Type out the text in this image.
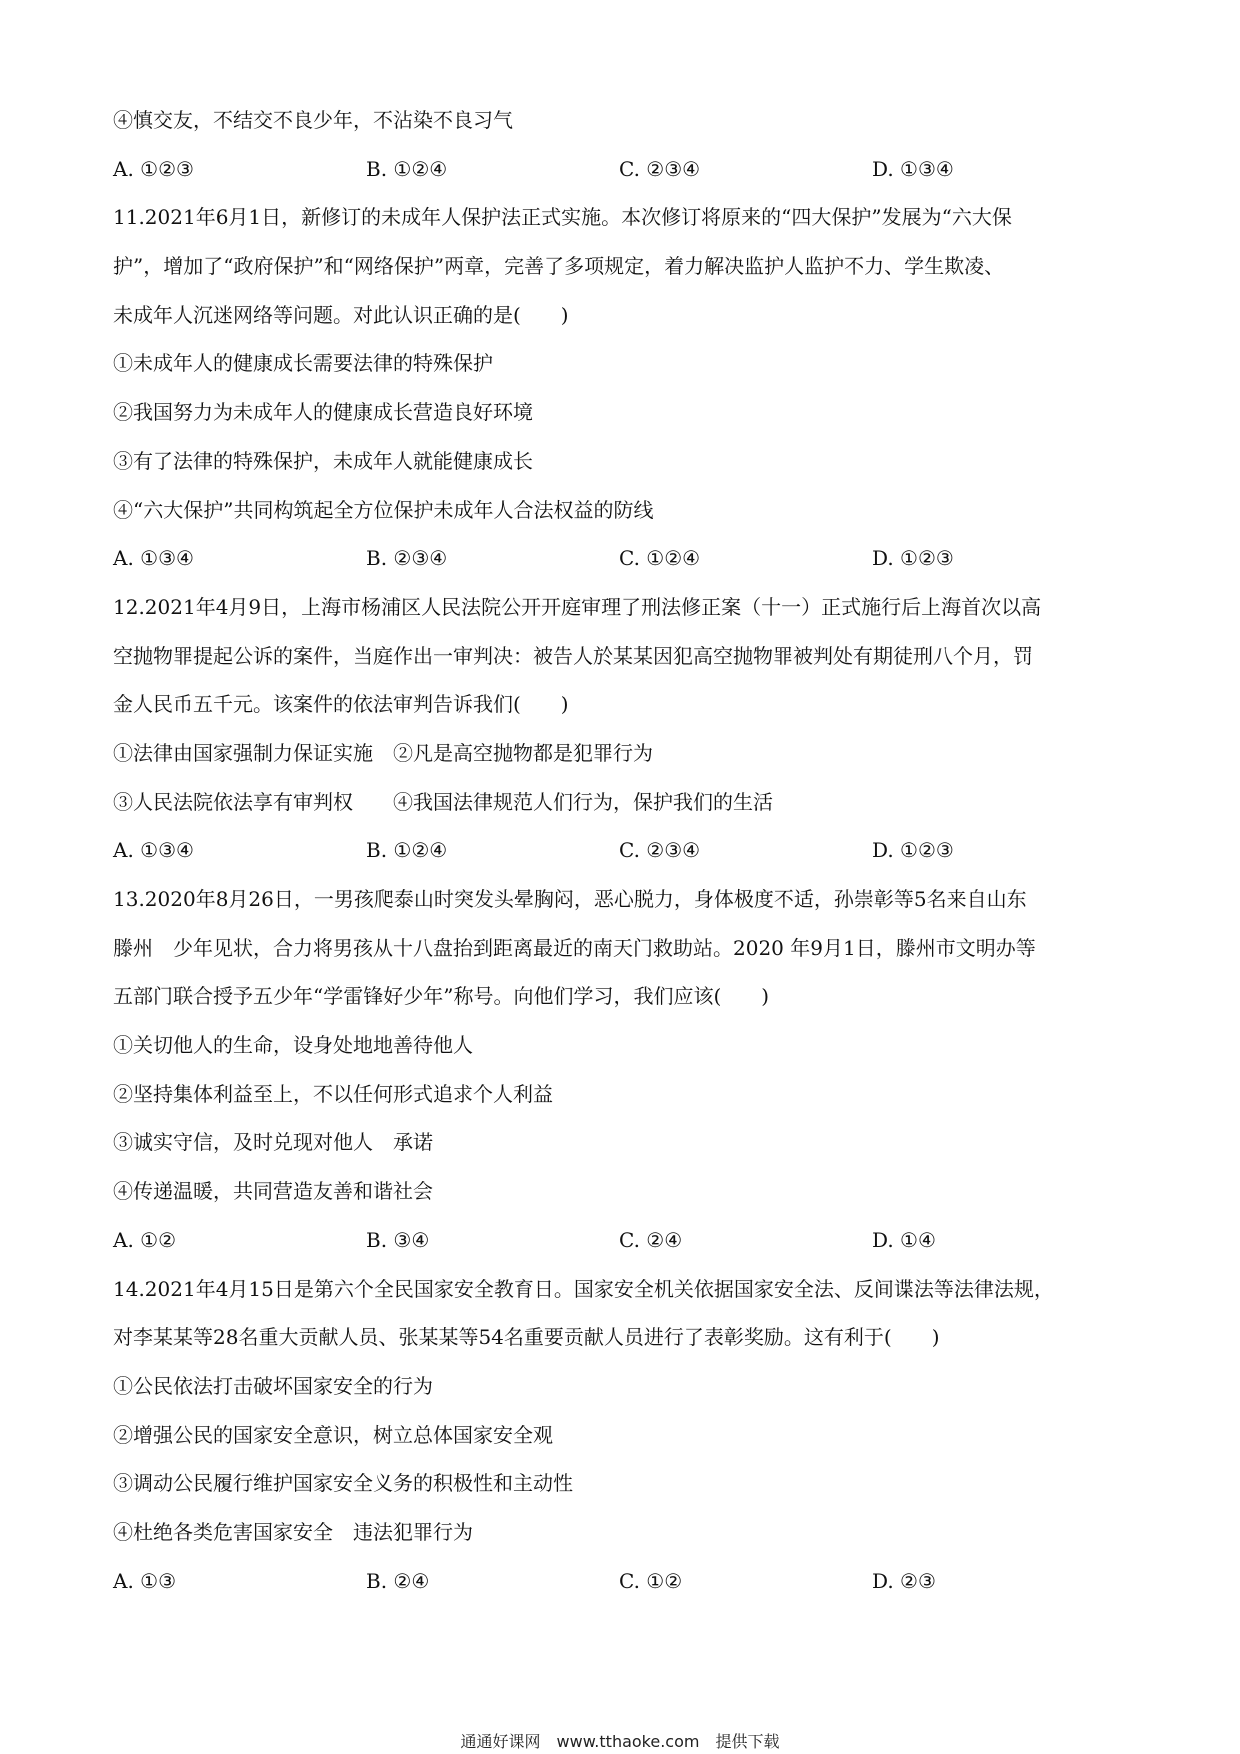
④慎交友，不结交不良少年，不沾染不良习气
A. ①②③	B. ①②④	C. ②③④	D. ①③④
11.2021年6月1日，新修订的未成年人保护法正式实施。本次修订将原来的“四大保护”发展为“六大保
护”，增加了“政府保护”和“网络保护”两章，完善了多项规定，着力解决监护人监护不力、学生欺凌、
未成年人沉迷网络等问题。对此认识正确的是(　　)
①未成年人的健康成长需要法律的特殊保护
②我国努力为未成年人的健康成长营造良好环境
③有了法律的特殊保护，未成年人就能健康成长
④“六大保护”共同构筑起全方位保护未成年人合法权益的防线
A. ①③④	B. ②③④	C. ①②④	D. ①②③
12.2021年4月9日，上海市杨浦区人民法院公开开庭审理了刑法修正案（十一）正式施行后上海首次以高
空抛物罪提起公诉的案件，当庭作出一审判决：被告人於某某因犯高空抛物罪被判处有期徒刑八个月，罚
金人民币五千元。该案件的依法审判告诉我们(　　)
①法律由国家强制力保证实施　②凡是高空抛物都是犯罪行为
③人民法院依法享有审判权　　④我国法律规范人们行为，保护我们的生活
A. ①③④	B. ①②④	C. ②③④	D. ①②③
13.2020年8月26日，一男孩爬泰山时突发头晕胸闷，恶心脱力，身体极度不适，孙崇彰等5名来自山东
滕州　少年见状，合力将男孩从十八盘抬到距离最近的南天门救助站。2020 年9月1日，滕州市文明办等
五部门联合授予五少年“学雷锋好少年”称号。向他们学习，我们应该(　　)
①关切他人的生命，设身处地地善待他人
②坚持集体利益至上，不以任何形式追求个人利益
③诚实守信，及时兑现对他人　承诺
④传递温暖，共同营造友善和谐社会
A. ①②	B. ③④	C. ②④	D. ①④
14.2021年4月15日是第六个全民国家安全教育日。国家安全机关依据国家安全法、反间谍法等法律法规，
对李某某等28名重大贡献人员、张某某等54名重要贡献人员进行了表彰奖励。这有利于(　　)
①公民依法打击破坏国家安全的行为
②增强公民的国家安全意识，树立总体国家安全观
③调动公民履行维护国家安全义务的积极性和主动性
④杜绝各类危害国家安全　违法犯罪行为
A. ①③	B. ②④	C. ①②	D. ②③
通通好课网　www.tthaoke.com　提供下载
